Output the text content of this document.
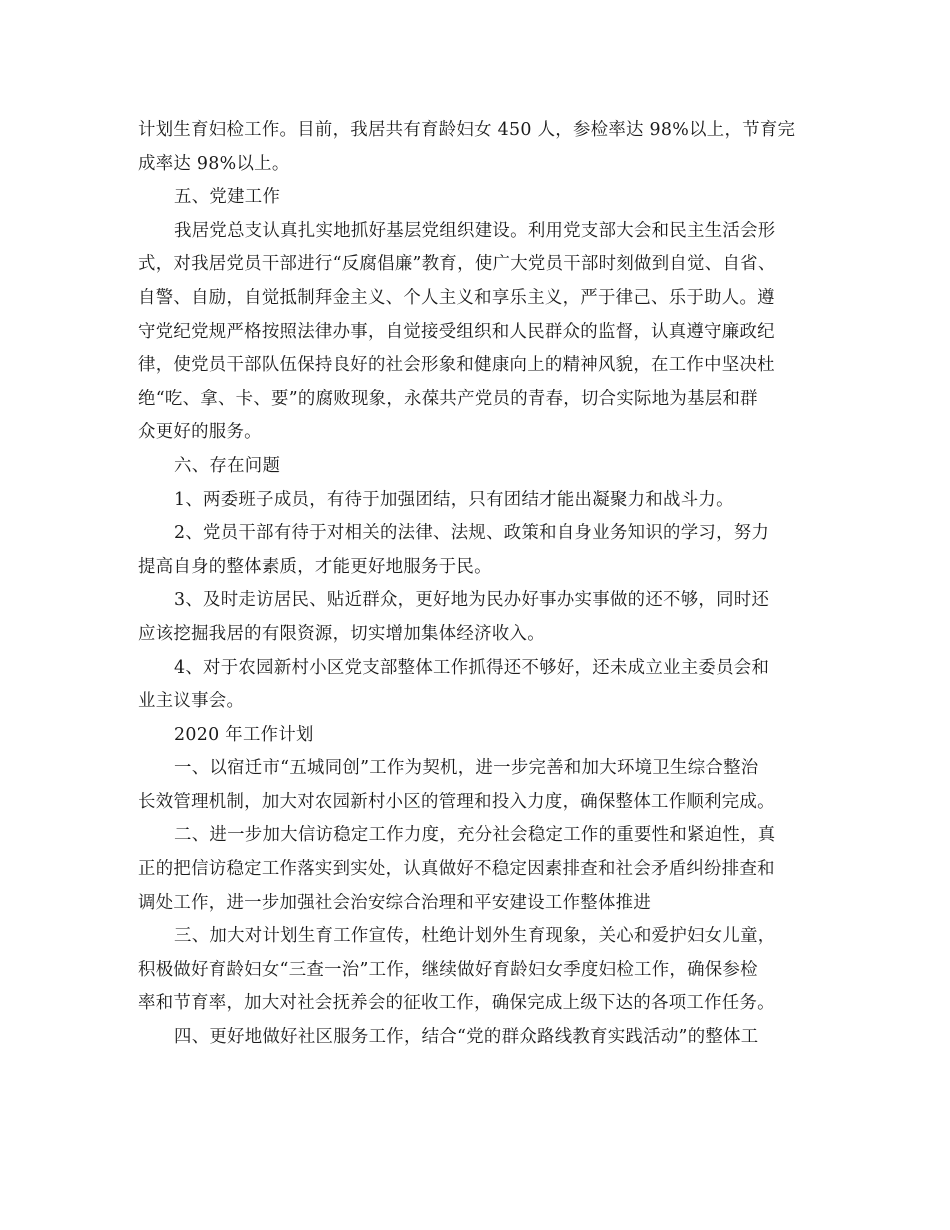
计划生育妇检工作。目前，我居共有育龄妇女 450 人，参检率达 98%以上，节育完
成率达 98%以上。
五、党建工作
我居党总支认真扎实地抓好基层党组织建设。利用党支部大会和民主生活会形
式，对我居党员干部进行“反腐倡廉”教育，使广大党员干部时刻做到自觉、自省、
自警、自励，自觉抵制拜金主义、个人主义和享乐主义，严于律己、乐于助人。遵
守党纪党规严格按照法律办事，自觉接受组织和人民群众的监督，认真遵守廉政纪
律，使党员干部队伍保持良好的社会形象和健康向上的精神风貌，在工作中坚决杜
绝“吃、拿、卡、要”的腐败现象，永葆共产党员的青春，切合实际地为基层和群
众更好的服务。
六、存在问题
1、两委班子成员，有待于加强团结，只有团结才能出凝聚力和战斗力。
2、党员干部有待于对相关的法律、法规、政策和自身业务知识的学习，努力
提高自身的整体素质，才能更好地服务于民。
3、及时走访居民、贴近群众，更好地为民办好事办实事做的还不够，同时还
应该挖掘我居的有限资源，切实增加集体经济收入。
4、对于农园新村小区党支部整体工作抓得还不够好，还未成立业主委员会和
业主议事会。
2020 年工作计划
一、以宿迁市“五城同创”工作为契机，进一步完善和加大环境卫生综合整治
长效管理机制，加大对农园新村小区的管理和投入力度，确保整体工作顺利完成。
二、进一步加大信访稳定工作力度，充分社会稳定工作的重要性和紧迫性，真
正的把信访稳定工作落实到实处，认真做好不稳定因素排查和社会矛盾纠纷排查和
调处工作，进一步加强社会治安综合治理和平安建设工作整体推进
三、加大对计划生育工作宣传，杜绝计划外生育现象，关心和爱护妇女儿童，
积极做好育龄妇女“三查一治”工作，继续做好育龄妇女季度妇检工作，确保参检
率和节育率，加大对社会抚养会的征收工作，确保完成上级下达的各项工作任务。
四、更好地做好社区服务工作，结合“党的群众路线教育实践活动”的整体工
